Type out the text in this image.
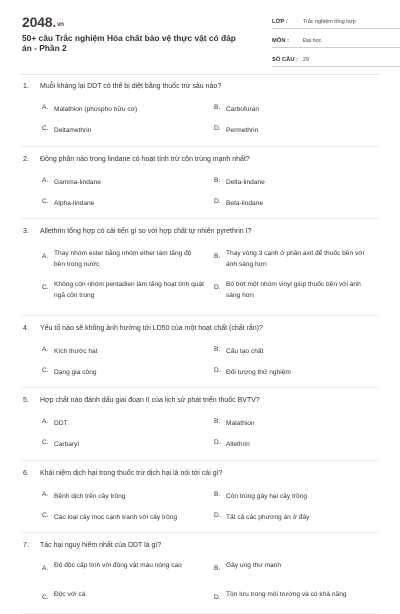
2048.vn
50+ câu Trắc nghiệm Hóa chất bảo vệ thực vật có đáp án - Phần 2
LỚP :	Trắc nghiệm tổng hợp
MÔN :	Đại học
SỐ CÂU : 29
1. Muỗi kháng lại DDT có thể bị diệt bằng thuốc trừ sâu nào?
A. Malathion (phospho hữu cơ)	B. Carbofuran
C. Deltamethrin	D. Permethrin
2. Đồng phân nào trong lindane có hoạt tính trừ côn trùng mạnh nhất?
A. Gamma-lindane	B. Delta-lindane
C. Alpha-lindane	D. Beta-lindane
3. Allethrin tổng hợp có cải tiến gì so với hợp chất tự nhiên pyrethrin I?
A. Thay nhóm ester bằng nhóm ether làm tăng độ bền trong nước
B. Thay vòng 3 cạnh ở phần axit để thuốc bền với ánh sáng hơn
C. Không còn nhóm pentadien làm tăng hoạt tính quật ngã côn trùng
D. Bỏ bớt một nhóm vinyl giúp thuốc bền với ánh sáng hơn
4. Yếu tố nào sẽ không ảnh hưởng tới LD50 của một hoạt chất (chất rắn)?
A. Kích thước hạt	B. Cấu tạo chất
C. Dạng gia công	D. Đối tượng thử nghiệm
5. Hợp chất nào đánh dấu giai đoạn II của lịch sử phát triển thuốc BVTV?
A. DDT	B. Malathion
C. Carbaryl	D. Allethrin
6. Khái niệm dịch hại trong thuốc trừ dịch hại là nói tới cái gì?
A. Bệnh dịch trên cây trồng	B. Côn trùng gây hại cây trồng
C. Các loại cây mọc cạnh tranh với cây trồng	D. Tất cả các phương án ở đây
7. Tác hại nguy hiểm nhất của DDT là gì?
A. Độ độc cấp tính với động vật máu nóng cao	B. Gây ung thư mạnh
C. Độc với cá	D. Tồn lưu trong môi trường và có khả năng
